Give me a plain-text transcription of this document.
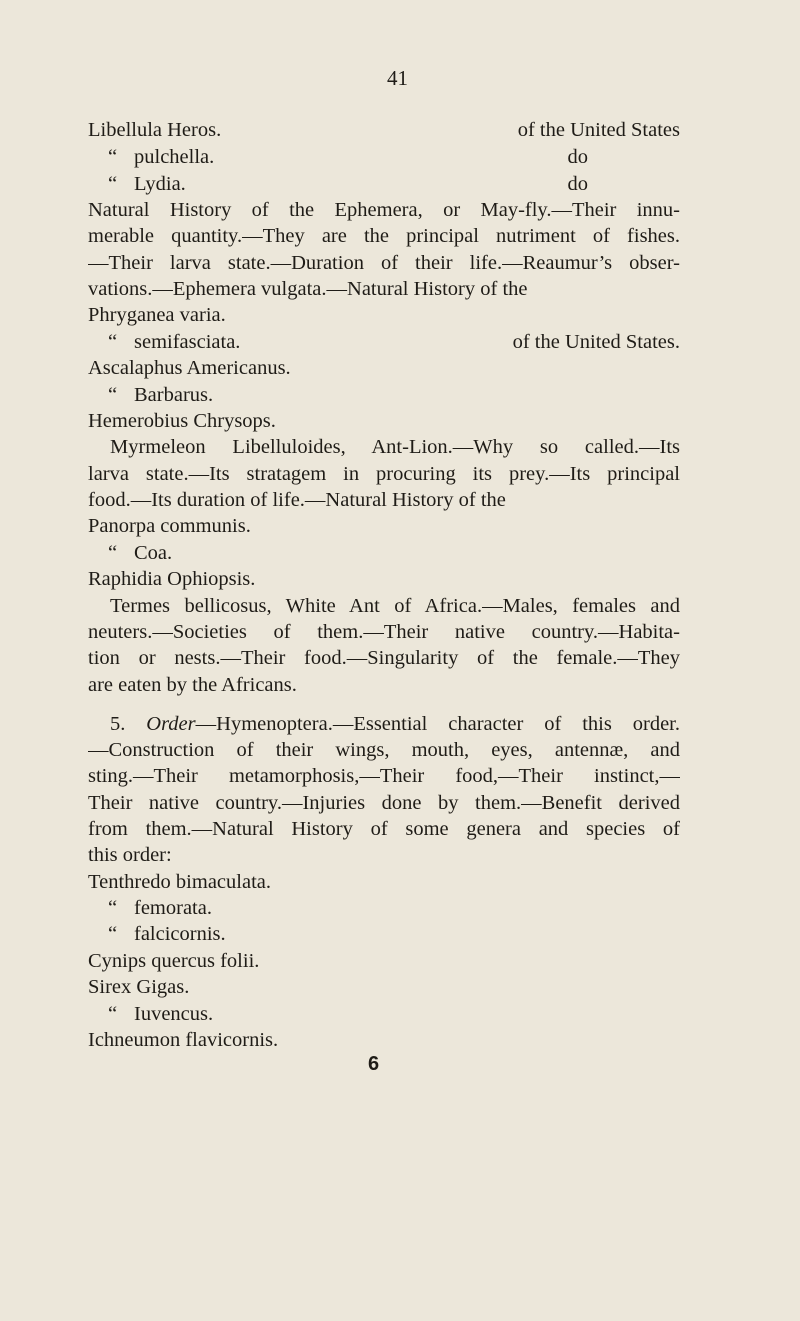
41
Libellula Heros.	of the United States
“ pulchella.	do
“ Lydia.	do
Natural History of the Ephemera, or May-fly.—Their innu-
merable quantity.—They are the principal nutriment of fishes.
—Their larva state.—Duration of their life.—Reaumur’s obser-
vations.—Ephemera vulgata.—Natural History of the
Phryganea varia.
“ semifasciata.	of the United States.
Ascalaphus Americanus.
“ Barbarus.
Hemerobius Chrysops.
Myrmeleon Libelluloides, Ant-Lion.—Why so called.—Its
larva state.—Its stratagem in procuring its prey.—Its principal
food.—Its duration of life.—Natural History of the
Panorpa communis.
“ Coa.
Raphidia Ophiopsis.
Termes bellicosus, White Ant of Africa.—Males, females and
neuters.—Societies of them.—Their native country.—Habita-
tion or nests.—Their food.—Singularity of the female.—They
are eaten by the Africans.
5. Order—Hymenoptera.—Essential character of this order.
—Construction of their wings, mouth, eyes, antennæ, and
sting.—Their metamorphosis,—Their food,—Their instinct,—
Their native country.—Injuries done by them.—Benefit derived
from them.—Natural History of some genera and species of
this order:
Tenthredo bimaculata.
“ femorata.
“ falcicornis.
Cynips quercus folii.
Sirex Gigas.
“ Iuvencus.
Ichneumon flavicornis.
6
